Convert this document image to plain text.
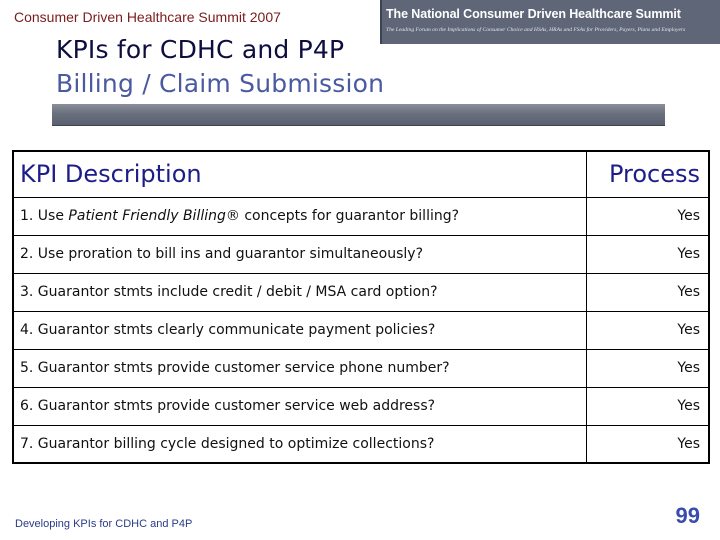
Consumer Driven Healthcare Summit 2007	The National Consumer Driven Healthcare Summit
The Leading Forum on the Implications of Consumer Choice and HSAs, HRAs and FSAs for Providers, Payers, Plans and Employers
KPIs for CDHC and P4P
Billing / Claim Submission
KPI Description	Process
1. Use Patient Friendly Billing® concepts for guarantor billing?	Yes
2. Use proration to bill ins and guarantor simultaneously?	Yes
3. Guarantor stmts include credit / debit / MSA card option?	Yes
4. Guarantor stmts clearly communicate payment policies?	Yes
5. Guarantor stmts provide customer service phone number?	Yes
6. Guarantor stmts provide customer service web address?	Yes
7. Guarantor billing cycle designed to optimize collections?	Yes
Developing KPIs for CDHC and P4P	99
